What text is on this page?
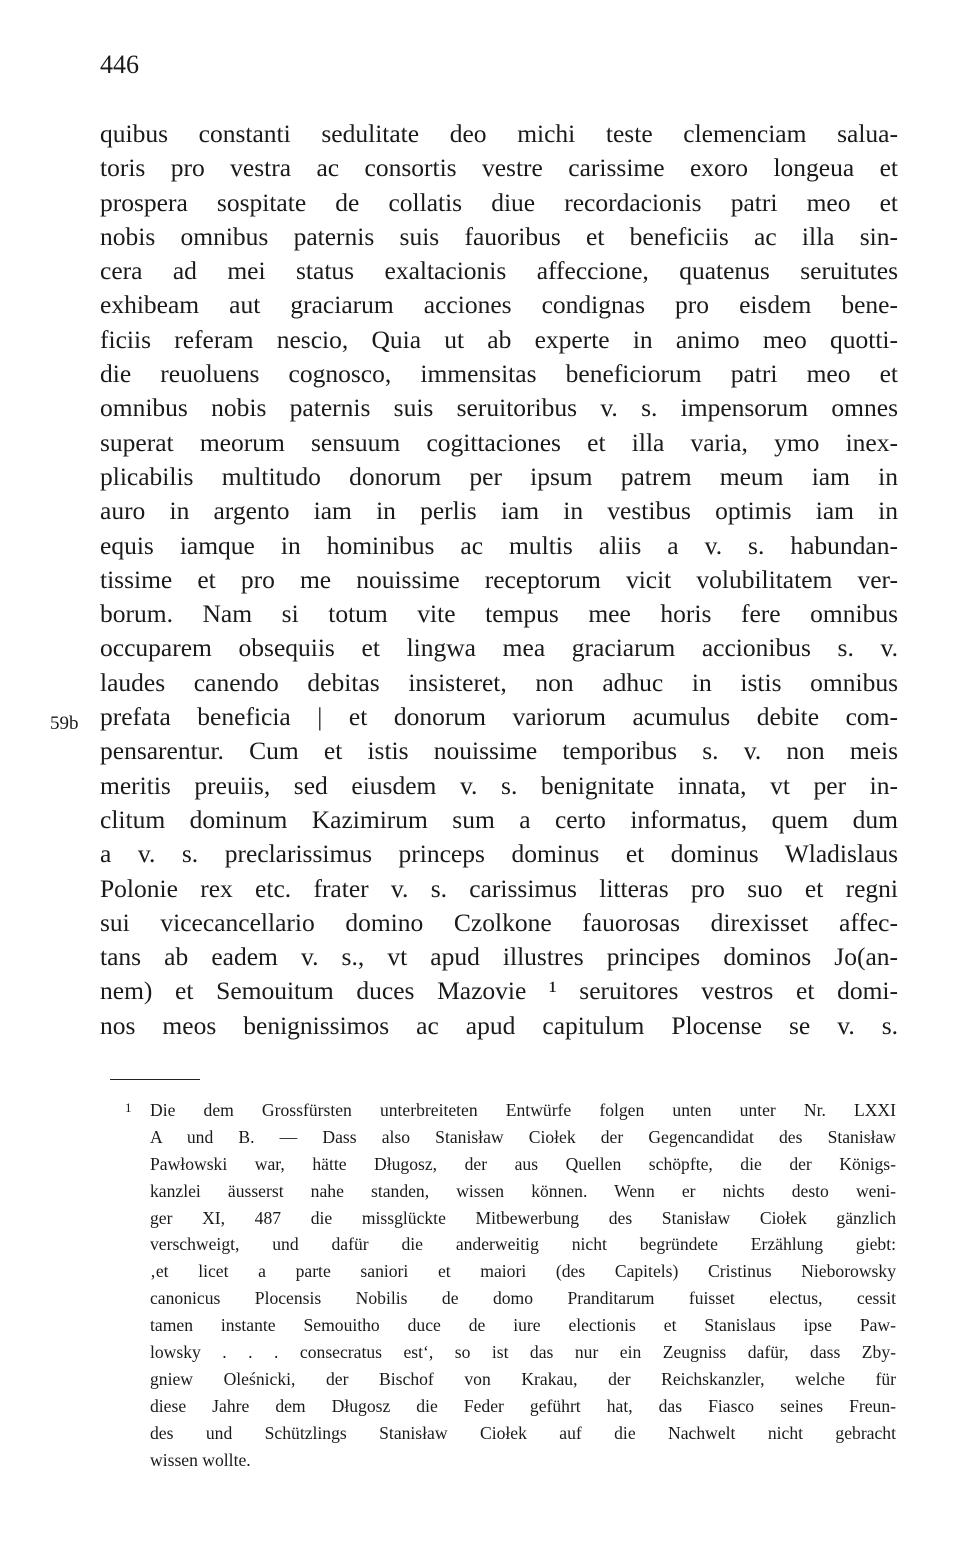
446
59b
quibus constanti sedulitate deo michi teste clemenciam salua-
toris pro vestra ac consortis vestre carissime exoro longeua et
prospera sospitate de collatis diue recordacionis patri meo et
nobis omnibus paternis suis fauoribus et beneficiis ac illa sin-
cera ad mei status exaltacionis affeccione, quatenus seruitutes
exhibeam aut graciarum acciones condignas pro eisdem bene-
ficiis referam nescio, Quia ut ab experte in animo meo quotti-
die reuoluens cognosco, immensitas beneficiorum patri meo et
omnibus nobis paternis suis seruitoribus v. s. impensorum omnes
superat meorum sensuum cogittaciones et illa varia, ymo inex-
plicabilis multitudo donorum per ipsum patrem meum iam in
auro in argento iam in perlis iam in vestibus optimis iam in
equis iamque in hominibus ac multis aliis a v. s. habundan-
tissime et pro me nouissime receptorum vicit volubilitatem ver-
borum. Nam si totum vite tempus mee horis fere omnibus
occuparem obsequiis et lingwa mea graciarum accionibus s. v.
laudes canendo debitas insisteret, non adhuc in istis omnibus
prefata beneficia | et donorum variorum acumulus debite com-
pensarentur. Cum et istis nouissime temporibus s. v. non meis
meritis preuiis, sed eiusdem v. s. benignitate innata, vt per in-
clitum dominum Kazimirum sum a certo informatus, quem dum
a v. s. preclarissimus princeps dominus et dominus Wladislaus
Polonie rex etc. frater v. s. carissimus litteras pro suo et regni
sui vicecancellario domino Czolkone fauorosas direxisset affec-
tans ab eadem v. s., vt apud illustres principes dominos Jo(an-
nem) et Semouitum duces Mazovie ¹ seruitores vestros et domi-
nos meos benignissimos ac apud capitulum Plocense se v. s.
1 Die dem Grossfürsten unterbreiteten Entwürfe folgen unten unter Nr. LXXI
A und B. — Dass also Stanisław Ciołek der Gegencandidat des Stanisław
Pawłowski war, hätte Długosz, der aus Quellen schöpfte, die der Königs-
kanzlei äusserst nahe standen, wissen können. Wenn er nichts desto weni-
ger XI, 487 die missglückte Mitbewerbung des Stanisław Ciołek gänzlich
verschweigt, und dafür die anderweitig nicht begründete Erzählung giebt:
‚et licet a parte saniori et maiori (des Capitels) Cristinus Nieborowsky
canonicus Plocensis Nobilis de domo Pranditarum fuisset electus, cessit
tamen instante Semouitho duce de iure electionis et Stanislaus ipse Paw-
lowsky . . . consecratus est‘, so ist das nur ein Zeugniss dafür, dass Zby-
gniew Oleśnicki, der Bischof von Krakau, der Reichskanzler, welche für
diese Jahre dem Długosz die Feder geführt hat, das Fiasco seines Freun-
des und Schützlings Stanisław Ciołek auf die Nachwelt nicht gebracht
wissen wollte.
